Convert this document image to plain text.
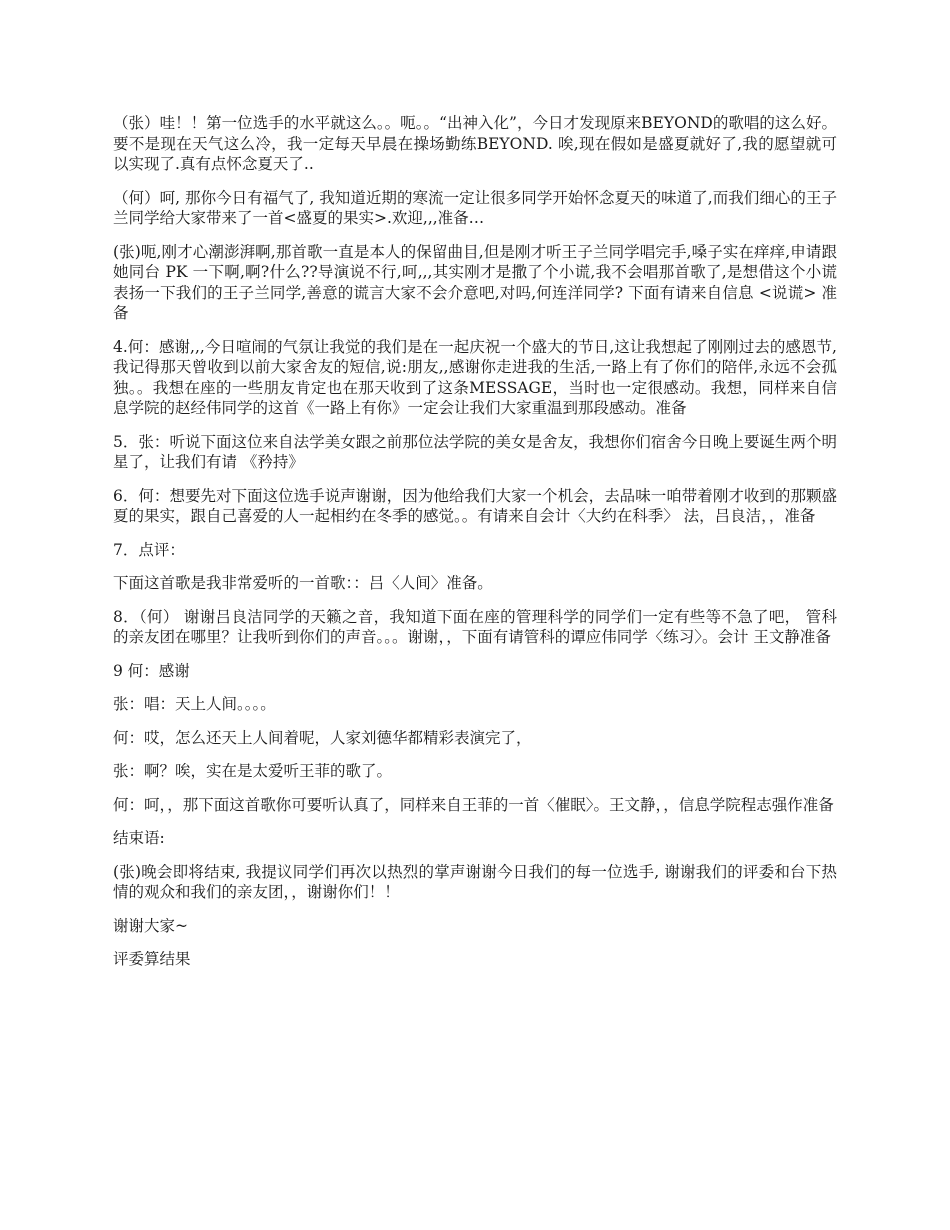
（张）哇！！第一位选手的水平就这么。。呃。。“出神入化”，今日才发现原来BEYOND的歌唱的这么好。要不是现在天气这么冷，我一定每天早晨在操场勤练BEYOND. 唉,现在假如是盛夏就好了,我的愿望就可以实现了.真有点怀念夏天了..

（何）呵, 那你今日有福气了, 我知道近期的寒流一定让很多同学开始怀念夏天的味道了,而我们细心的王子兰同学给大家带来了一首<盛夏的果实>.欢迎,,,准备…

(张)呃,刚才心潮澎湃啊,那首歌一直是本人的保留曲目,但是刚才听王子兰同学唱完手,嗓子实在痒痒,申请跟她同台 PK 一下啊,啊?什么??导演说不行,呵,,,其实刚才是撒了个小谎,我不会唱那首歌了,是想借这个小谎表扬一下我们的王子兰同学,善意的谎言大家不会介意吧,对吗,何连洋同学? 下面有请来自信息 <说谎> 准备

4.何：感谢,,,今日喧闹的气氛让我觉的我们是在一起庆祝一个盛大的节日,这让我想起了刚刚过去的感恩节,我记得那天曾收到以前大家舍友的短信,说:朋友,,感谢你走进我的生活,一路上有了你们的陪伴,永远不会孤独。。我想在座的一些朋友肯定也在那天收到了这条MESSAGE，当时也一定很感动。我想，同样来自信息学院的赵经伟同学的这首《一路上有你》一定会让我们大家重温到那段感动。准备

5．张：听说下面这位来自法学美女跟之前那位法学院的美女是舍友，我想你们宿舍今日晚上要诞生两个明星了，让我们有请 《矜持》

6．何：想要先对下面这位选手说声谢谢，因为他给我们大家一个机会，去品味一咱带着刚才收到的那颗盛夏的果实，跟自己喜爱的人一起相约在冬季的感觉。。有请来自会计〈大约在科季〉 法，吕良洁，，准备

7．点评：

下面这首歌是我非常爱听的一首歌：：吕〈人间〉准备。

8．（何） 谢谢吕良洁同学的天籁之音，我知道下面在座的管理科学的同学们一定有些等不急了吧， 管科的亲友团在哪里？让我听到你们的声音。。。谢谢，，下面有请管科的谭应伟同学〈练习〉。会计 王文静准备

9 何：感谢

张：唱：天上人间。。。。

何：哎，怎么还天上人间着呢，人家刘德华都精彩表演完了，

张：啊？唉，实在是太爱听王菲的歌了。

何：呵，，那下面这首歌你可要听认真了，同样来自王菲的一首〈催眠〉。王文静，，信息学院程志强作准备

结束语:

(张)晚会即将结束, 我提议同学们再次以热烈的掌声谢谢今日我们的每一位选手, 谢谢我们的评委和台下热情的观众和我们的亲友团，，谢谢你们！！

谢谢大家~

评委算结果
